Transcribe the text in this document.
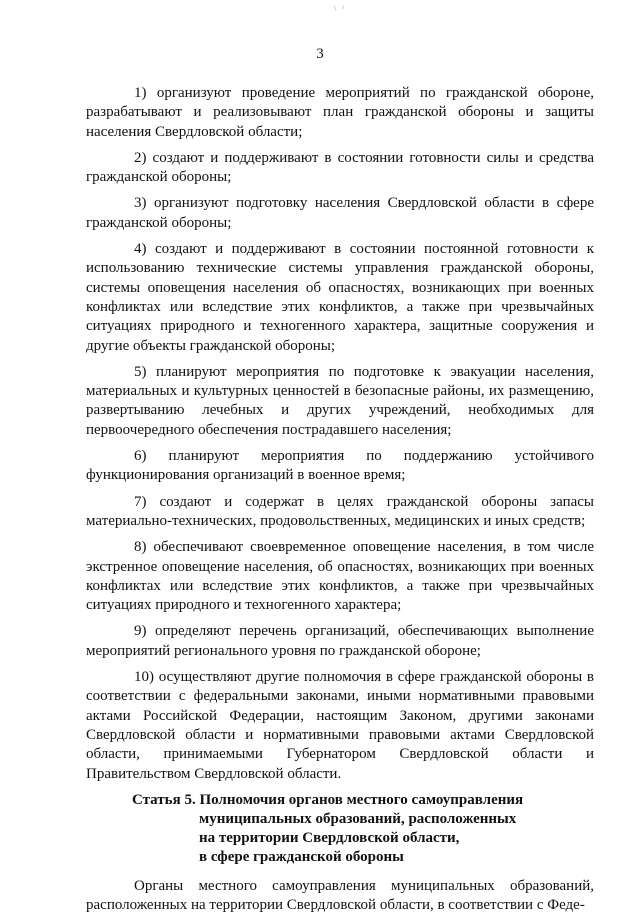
\ ⁱ
3

1) организуют проведение мероприятий по гражданской обороне, разрабатывают и реализовывают план гражданской обороны и защиты населения Свердловской области;

2) создают и поддерживают в состоянии готовности силы и средства гражданской обороны;

3) организуют подготовку населения Свердловской области в сфере гражданской обороны;

4) создают и поддерживают в состоянии постоянной готовности к использованию технические системы управления гражданской обороны, системы оповещения населения об опасностях, возникающих при военных конфликтах или вследствие этих конфликтов, а также при чрезвычайных ситуациях природного и техногенного характера, защитные сооружения и другие объекты гражданской обороны;

5) планируют мероприятия по подготовке к эвакуации населения, материальных и культурных ценностей в безопасные районы, их размещению, развертыванию лечебных и других учреждений, необходимых для первоочередного обеспечения пострадавшего населения;

6) планируют мероприятия по поддержанию устойчивого функционирования организаций в военное время;

7) создают и содержат в целях гражданской обороны запасы материально-технических, продовольственных, медицинских и иных средств;

8) обеспечивают своевременное оповещение населения, в том числе экстренное оповещение населения, об опасностях, возникающих при военных конфликтах или вследствие этих конфликтов, а также при чрезвычайных ситуациях природного и техногенного характера;

9) определяют перечень организаций, обеспечивающих выполнение мероприятий регионального уровня по гражданской обороне;

10) осуществляют другие полномочия в сфере гражданской обороны в соответствии с федеральными законами, иными нормативными правовыми актами Российской Федерации, настоящим Законом, другими законами Свердловской области и нормативными правовыми актами Свердловской области, принимаемыми Губернатором Свердловской области и Правительством Свердловской области.

Статья 5. Полномочия органов местного самоуправления
муниципальных образований, расположенных
на территории Свердловской области,
в сфере гражданской обороны

Органы местного самоуправления муниципальных образований, расположенных на территории Свердловской области, в соответствии с Феде-
